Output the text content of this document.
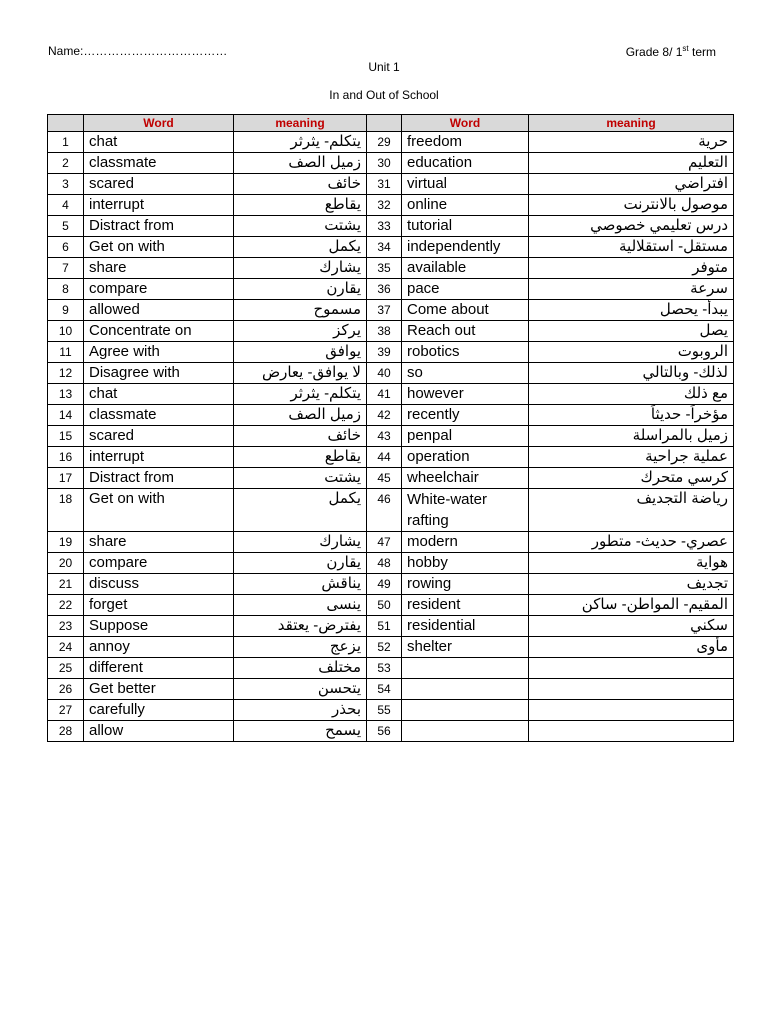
Name:………………………………	Grade 8/ 1st term
Unit 1
In and Out of School
	Word	meaning		Word	meaning
1	chat	يتكلم- يثرثر	29	freedom	حرية
2	classmate	زميل الصف	30	education	التعليم
3	scared	خائف	31	virtual	افتراضي
4	interrupt	يقاطع	32	online	موصول بالانترنت
5	Distract from	يشتت	33	tutorial	درس تعليمي خصوصي
6	Get on with	يكمل	34	independently	مستقل- استقلالية
7	share	يشارك	35	available	متوفر
8	compare	يقارن	36	pace	سرعة
9	allowed	مسموح	37	Come about	يبدأ- يحصل
10	Concentrate on	يركز	38	Reach out	يصل
11	Agree with	يوافق	39	robotics	الروبوت
12	Disagree with	لا يوافق- يعارض	40	so	لذلك- وبالتالي
13	chat	يتكلم- يثرثر	41	however	مع ذلك
14	classmate	زميل الصف	42	recently	مؤخراً- حديثاً
15	scared	خائف	43	penpal	زميل بالمراسلة
16	interrupt	يقاطع	44	operation	عملية جراحية
17	Distract from	يشتت	45	wheelchair	كرسي متحرك
18	Get on with	يكمل	46	White-water rafting	رياضة التجديف
19	share	يشارك	47	modern	عصري- حديث- متطور
20	compare	يقارن	48	hobby	هواية
21	discuss	يناقش	49	rowing	تجديف
22	forget	ينسى	50	resident	المقيم- المواطن- ساكن
23	Suppose	يفترض- يعتقد	51	residential	سكني
24	annoy	يزعج	52	shelter	مأوى
25	different	مختلف	53		
26	Get better	يتحسن	54		
27	carefully	بحذر	55		
28	allow	يسمح	56		
